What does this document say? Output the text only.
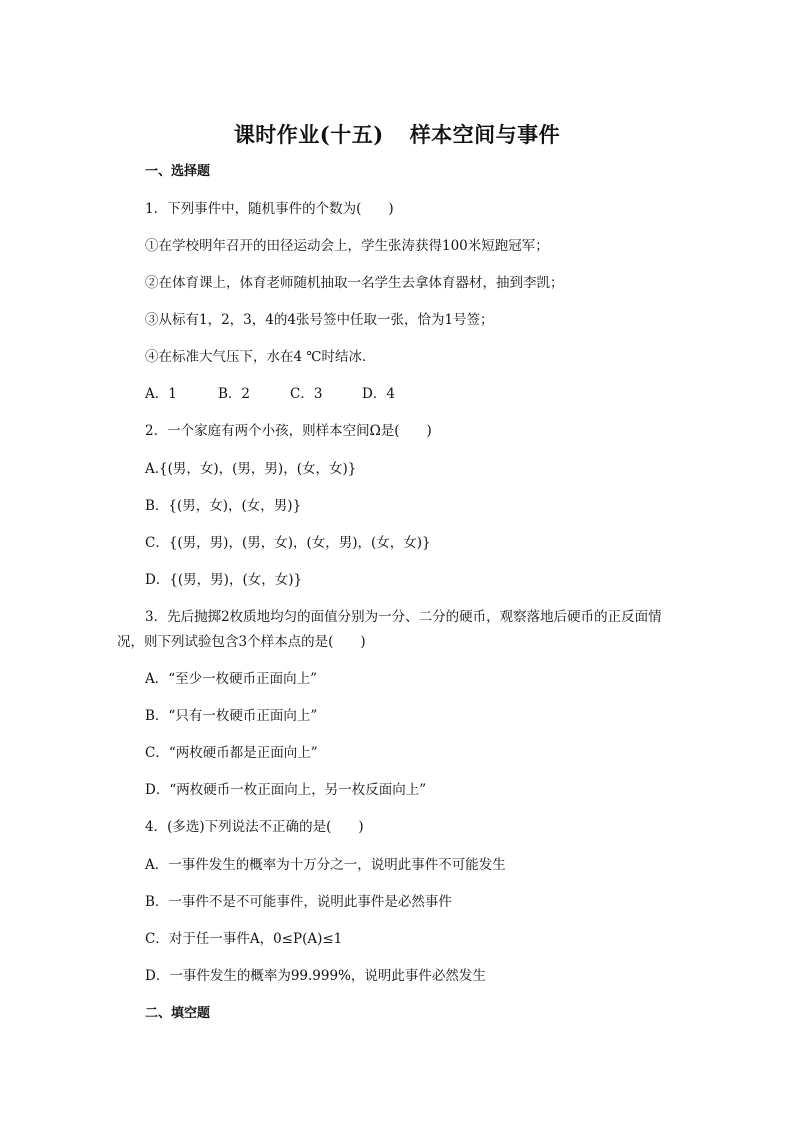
课时作业(十五) 样本空间与事件
一、选择题
1．下列事件中，随机事件的个数为(　　)
①在学校明年召开的田径运动会上，学生张涛获得100米短跑冠军；
②在体育课上，体育老师随机抽取一名学生去拿体育器材，抽到李凯；
③从标有1，2，3，4的4张号签中任取一张，恰为1号签；
④在标准大气压下，水在4 ℃时结冰．
A．1	B．2	C．3	D．4
2．一个家庭有两个小孩，则样本空间Ω是(　　)
A.{(男，女)，(男，男)，(女，女)}
B．{(男，女)，(女，男)}
C．{(男，男)，(男，女)，(女，男)，(女，女)}
D．{(男，男)，(女，女)}
3．先后抛掷2枚质地均匀的面值分别为一分、二分的硬币，观察落地后硬币的正反面情
况，则下列试验包含3个样本点的是(　　)
A．“至少一枚硬币正面向上”
B．“只有一枚硬币正面向上”
C．“两枚硬币都是正面向上”
D．“两枚硬币一枚正面向上，另一枚反面向上”
4．(多选)下列说法不正确的是(　　)
A．一事件发生的概率为十万分之一，说明此事件不可能发生
B．一事件不是不可能事件，说明此事件是必然事件
C．对于任一事件A，0≤P(A)≤1
D．一事件发生的概率为99.999%，说明此事件必然发生
二、填空题
